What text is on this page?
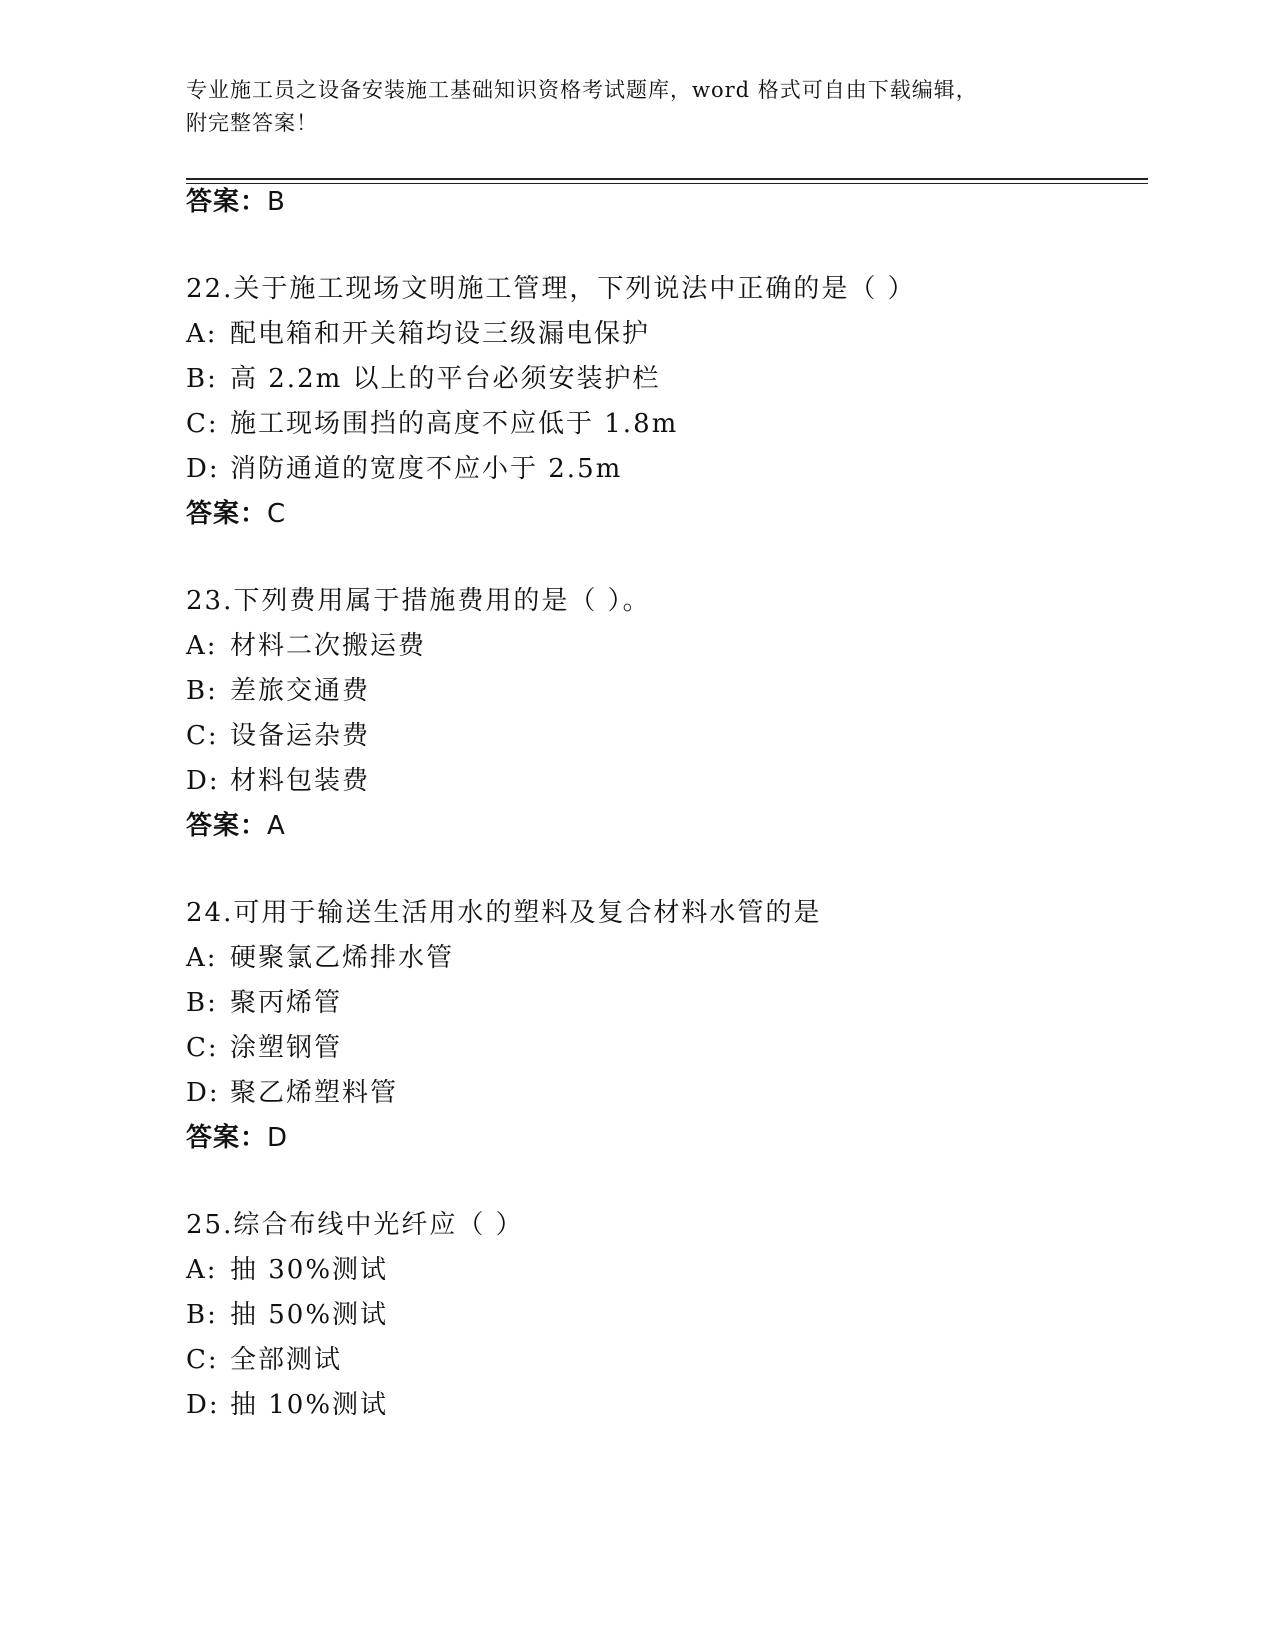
专业施工员之设备安装施工基础知识资格考试题库，word 格式可自由下载编辑，
附完整答案！
答案：B
22.关于施工现场文明施工管理，下列说法中正确的是（ ）
A: 配电箱和开关箱均设三级漏电保护
B: 高 2.2m 以上的平台必须安装护栏
C: 施工现场围挡的高度不应低于 1.8m
D: 消防通道的宽度不应小于 2.5m
答案：C
23.下列费用属于措施费用的是（ ）。
A: 材料二次搬运费
B: 差旅交通费
C: 设备运杂费
D: 材料包装费
答案：A
24.可用于输送生活用水的塑料及复合材料水管的是
A: 硬聚氯乙烯排水管
B: 聚丙烯管
C: 涂塑钢管
D: 聚乙烯塑料管
答案：D
25.综合布线中光纤应（ ）
A: 抽 30%测试
B: 抽 50%测试
C: 全部测试
D: 抽 10%测试
